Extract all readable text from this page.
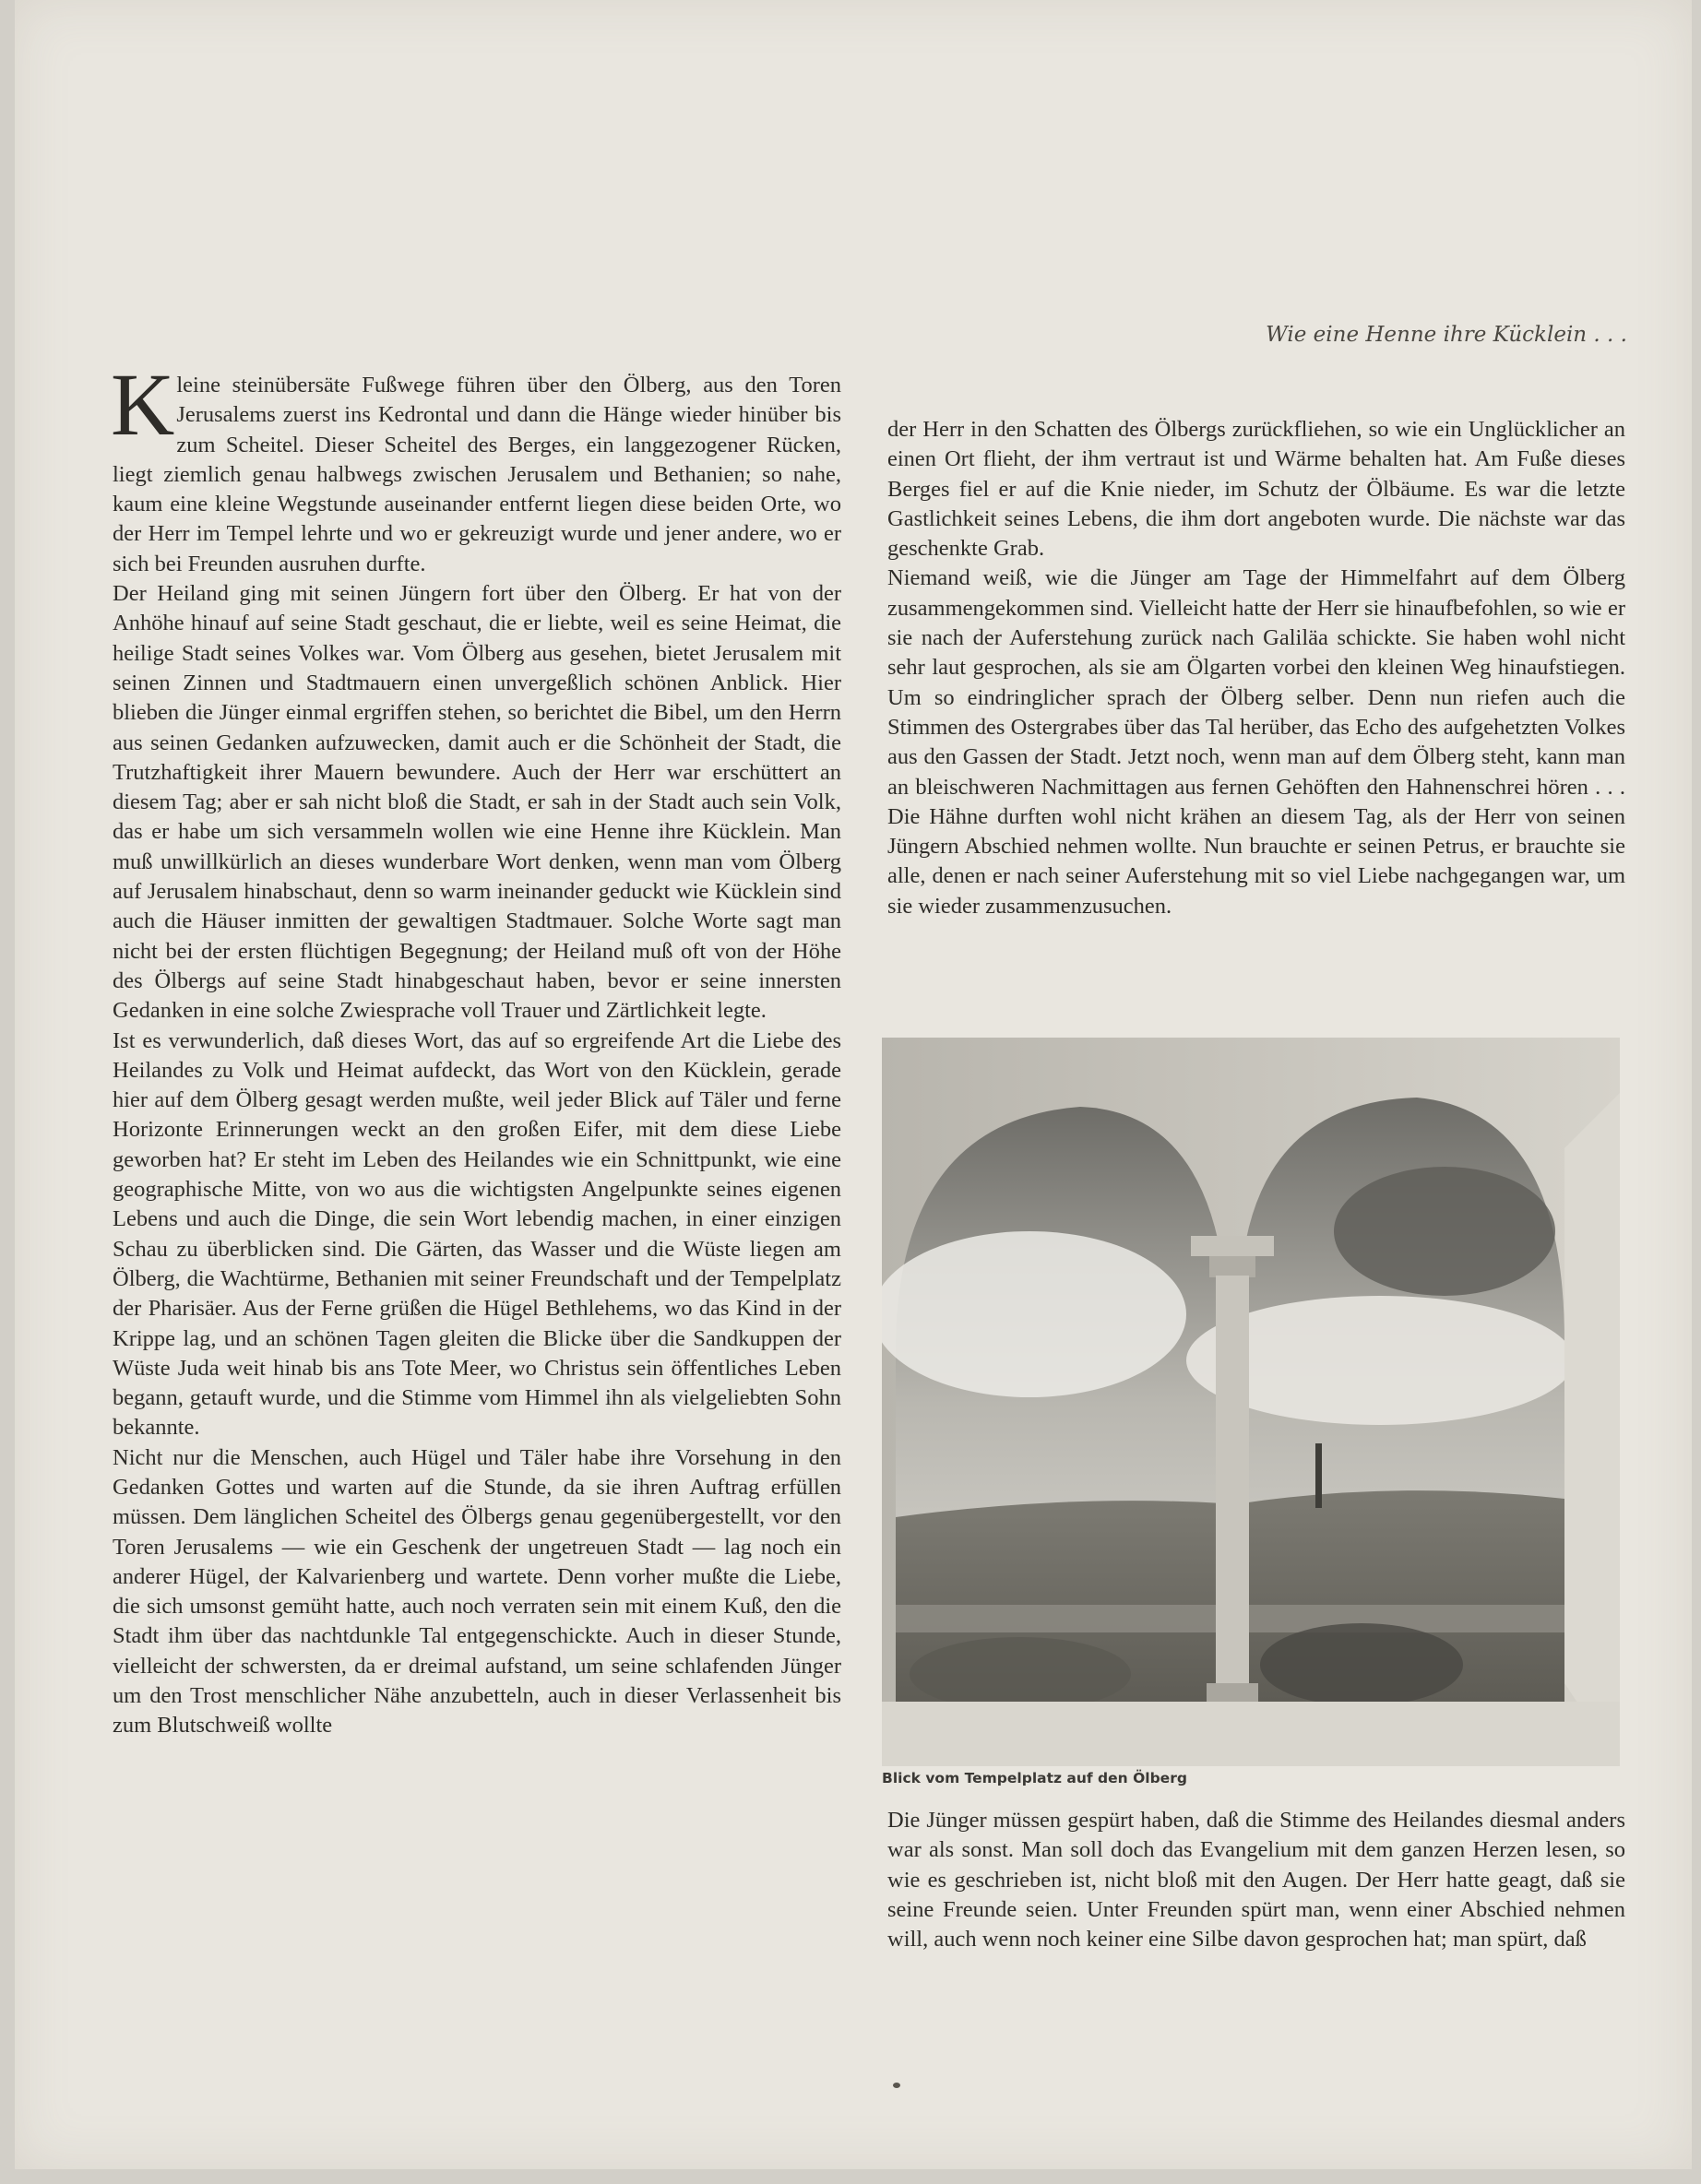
Wie eine Henne ihre Kücklein . . .

Kleine steinübersäte Fußwege führen über den Ölberg, aus den Toren Jerusalems zuerst ins Kedrontal und dann die Hänge wieder hinüber bis zum Scheitel. Dieser Scheitel des Berges, ein langgezogener Rücken, liegt ziemlich genau halbwegs zwischen Jerusalem und Bethanien; so nahe, kaum eine kleine Wegstunde auseinander entfernt liegen diese beiden Orte, wo der Herr im Tempel lehrte und wo er gekreuzigt wurde und jener andere, wo er sich bei Freunden ausruhen durfte.

Der Heiland ging mit seinen Jüngern fort über den Ölberg. Er hat von der Anhöhe hinauf auf seine Stadt geschaut, die er liebte, weil es seine Heimat, die heilige Stadt seines Volkes war. Vom Ölberg aus gesehen, bietet Jerusalem mit seinen Zinnen und Stadtmauern einen unvergeßlich schönen Anblick. Hier blieben die Jünger einmal ergriffen stehen, so berichtet die Bibel, um den Herrn aus seinen Gedanken aufzuwecken, damit auch er die Schönheit der Stadt, die Trutzhaftigkeit ihrer Mauern bewundere. Auch der Herr war erschüttert an diesem Tag; aber er sah nicht bloß die Stadt, er sah in der Stadt auch sein Volk, das er habe um sich versammeln wollen wie eine Henne ihre Kücklein. Man muß unwillkürlich an dieses wunderbare Wort denken, wenn man vom Ölberg auf Jerusalem hinabschaut, denn so warm ineinander geduckt wie Kücklein sind auch die Häuser inmitten der gewaltigen Stadtmauer. Solche Worte sagt man nicht bei der ersten flüchtigen Begegnung; der Heiland muß oft von der Höhe des Ölbergs auf seine Stadt hinabgeschaut haben, bevor er seine innersten Gedanken in eine solche Zwiesprache voll Trauer und Zärtlichkeit legte.

Ist es verwunderlich, daß dieses Wort, das auf so ergreifende Art die Liebe des Heilandes zu Volk und Heimat aufdeckt, das Wort von den Kücklein, gerade hier auf dem Ölberg gesagt werden mußte, weil jeder Blick auf Täler und ferne Horizonte Erinnerungen weckt an den großen Eifer, mit dem diese Liebe geworben hat? Er steht im Leben des Heilandes wie ein Schnittpunkt, wie eine geographische Mitte, von wo aus die wichtigsten Angelpunkte seines eigenen Lebens und auch die Dinge, die sein Wort lebendig machen, in einer einzigen Schau zu überblicken sind. Die Gärten, das Wasser und die Wüste liegen am Ölberg, die Wachtürme, Bethanien mit seiner Freundschaft und der Tempelplatz der Pharisäer. Aus der Ferne grüßen die Hügel Bethlehems, wo das Kind in der Krippe lag, und an schönen Tagen gleiten die Blicke über die Sandkuppen der Wüste Juda weit hinab bis ans Tote Meer, wo Christus sein öffentliches Leben begann, getauft wurde, und die Stimme vom Himmel ihn als vielgeliebten Sohn bekannte.

Nicht nur die Menschen, auch Hügel und Täler habe ihre Vorsehung in den Gedanken Gottes und warten auf die Stunde, da sie ihren Auftrag erfüllen müssen. Dem länglichen Scheitel des Ölbergs genau gegenübergestellt, vor den Toren Jerusalems — wie ein Geschenk der ungetreuen Stadt — lag noch ein anderer Hügel, der Kalvarienberg und wartete. Denn vorher mußte die Liebe, die sich umsonst gemüht hatte, auch noch verraten sein mit einem Kuß, den die Stadt ihm über das nachtdunkle Tal entgegenschickte. Auch in dieser Stunde, vielleicht der schwersten, da er dreimal aufstand, um seine schlafenden Jünger um den Trost menschlicher Nähe anzubetteln, auch in dieser Verlassenheit bis zum Blutschweiß wollte

der Herr in den Schatten des Ölbergs zurückfliehen, so wie ein Unglücklicher an einen Ort flieht, der ihm vertraut ist und Wärme behalten hat. Am Fuße dieses Berges fiel er auf die Knie nieder, im Schutz der Ölbäume. Es war die letzte Gastlichkeit seines Lebens, die ihm dort angeboten wurde. Die nächste war das geschenkte Grab.

Niemand weiß, wie die Jünger am Tage der Himmelfahrt auf dem Ölberg zusammengekommen sind. Vielleicht hatte der Herr sie hinaufbefohlen, so wie er sie nach der Auferstehung zurück nach Galiläa schickte. Sie haben wohl nicht sehr laut gesprochen, als sie am Ölgarten vorbei den kleinen Weg hinaufstiegen. Um so eindringlicher sprach der Ölberg selber. Denn nun riefen auch die Stimmen des Ostergrabes über das Tal herüber, das Echo des aufgehetzten Volkes aus den Gassen der Stadt. Jetzt noch, wenn man auf dem Ölberg steht, kann man an bleischweren Nachmittagen aus fernen Gehöften den Hahnenschrei hören . . . Die Hähne durften wohl nicht krähen an diesem Tag, als der Herr von seinen Jüngern Abschied nehmen wollte. Nun brauchte er seinen Petrus, er brauchte sie alle, denen er nach seiner Auferstehung mit so viel Liebe nachgegangen war, um sie wieder zusammenzusuchen.

Blick vom Tempelplatz auf den Ölberg

Die Jünger müssen gespürt haben, daß die Stimme des Heilandes diesmal anders war als sonst. Man soll doch das Evangelium mit dem ganzen Herzen lesen, so wie es geschrieben ist, nicht bloß mit den Augen. Der Herr hatte geagt, daß sie seine Freunde seien. Unter Freunden spürt man, wenn einer Abschied nehmen will, auch wenn noch keiner eine Silbe davon gesprochen hat; man spürt, daß
